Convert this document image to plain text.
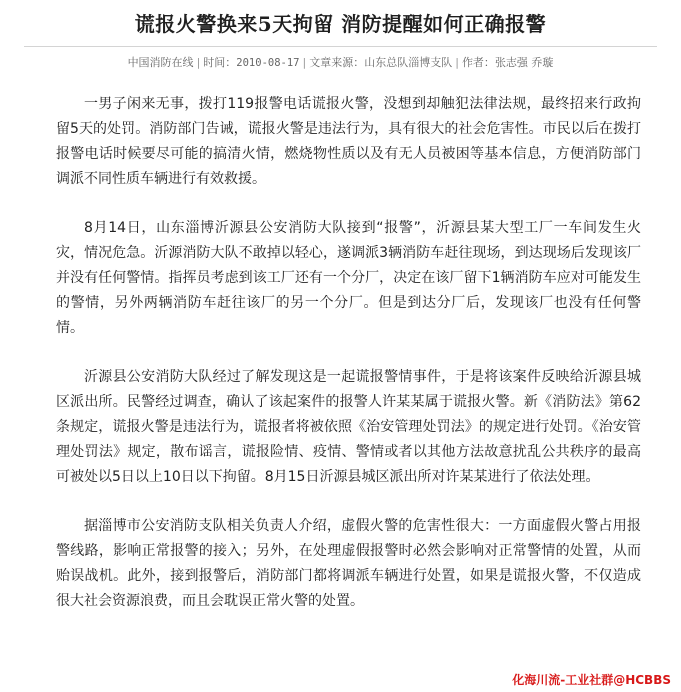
谎报火警换来5天拘留 消防提醒如何正确报警
中国消防在线 | 时间：2010-08-17 | 文章来源：山东总队淄博支队 | 作者：张志强 乔璇

一男子闲来无事，拨打119报警电话谎报火警，没想到却触犯法律法规，最终招来行政拘留5天的处罚。消防部门告诫，谎报火警是违法行为，具有很大的社会危害性。市民以后在拨打报警电话时候要尽可能的搞清火情，燃烧物性质以及有无人员被困等基本信息，方便消防部门调派不同性质车辆进行有效救援。

8月14日，山东淄博沂源县公安消防大队接到“报警”，沂源县某大型工厂一车间发生火灾，情况危急。沂源消防大队不敢掉以轻心，遂调派3辆消防车赶往现场，到达现场后发现该厂并没有任何警情。指挥员考虑到该工厂还有一个分厂，决定在该厂留下1辆消防车应对可能发生的警情，另外两辆消防车赶往该厂的另一个分厂。但是到达分厂后，发现该厂也没有任何警情。

沂源县公安消防大队经过了解发现这是一起谎报警情事件，于是将该案件反映给沂源县城区派出所。民警经过调查，确认了该起案件的报警人许某某属于谎报火警。新《消防法》第62条规定，谎报火警是违法行为，谎报者将被依照《治安管理处罚法》的规定进行处罚。《治安管理处罚法》规定，散布谣言，谎报险情、疫情、警情或者以其他方法故意扰乱公共秩序的最高可被处以5日以上10日以下拘留。8月15日沂源县城区派出所对许某某进行了依法处理。

据淄博市公安消防支队相关负责人介绍，虚假火警的危害性很大：一方面虚假火警占用报警线路，影响正常报警的接入；另外，在处理虚假报警时必然会影响对正常警情的处置，从而贻误战机。此外，接到报警后，消防部门都将调派车辆进行处置，如果是谎报火警，不仅造成很大社会资源浪费，而且会耽误正常火警的处置。

化海川流-工业社群@HCBBS
